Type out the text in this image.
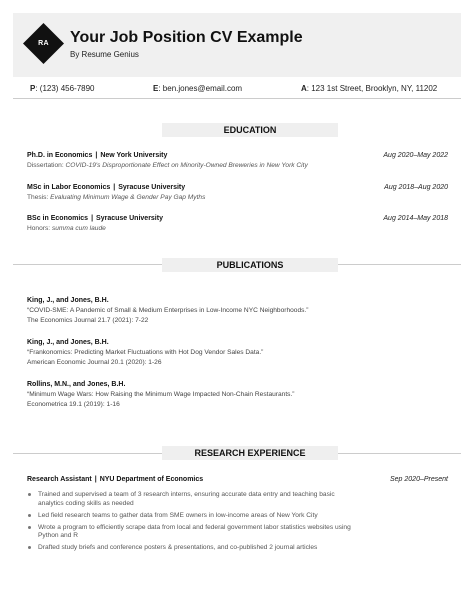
RA	Your Job Position CV Example
By Resume Genius
P: (123) 456-7890	E: ben.jones@email.com	A: 123 1st Street, Brooklyn, NY, 11202
EDUCATION
Ph.D. in Economics | New York University	Aug 2020–May 2022
Dissertation: COVID-19's Disproportionate Effect on Minority-Owned Breweries in New York City
MSc in Labor Economics | Syracuse University	Aug 2018–Aug 2020
Thesis: Evaluating Minimum Wage & Gender Pay Gap Myths
BSc in Economics | Syracuse University	Aug 2014–May 2018
Honors: summa cum laude
PUBLICATIONS
King, J., and Jones, B.H.
“COVID-SME: A Pandemic of Small & Medium Enterprises in Low-Income NYC Neighborhoods.”
The Economics Journal 21.7 (2021): 7-22
King, J., and Jones, B.H.
“Frankonomics: Predicting Market Fluctuations with Hot Dog Vendor Sales Data.”
American Economic Journal 20.1 (2020): 1-26
Rollins, M.N., and Jones, B.H.
“Minimum Wage Wars: How Raising the Minimum Wage Impacted Non-Chain Restaurants.”
Econometrica 19.1 (2019): 1-16
RESEARCH EXPERIENCE
Research Assistant | NYU Department of Economics	Sep 2020–Present
Trained and supervised a team of 3 research interns, ensuring accurate data entry and teaching basic analytics coding skills as needed
Led field research teams to gather data from SME owners in low-income areas of New York City
Wrote a program to efficiently scrape data from local and federal government labor statistics websites using Python and R
Drafted study briefs and conference posters & presentations, and co-published 2 journal articles
